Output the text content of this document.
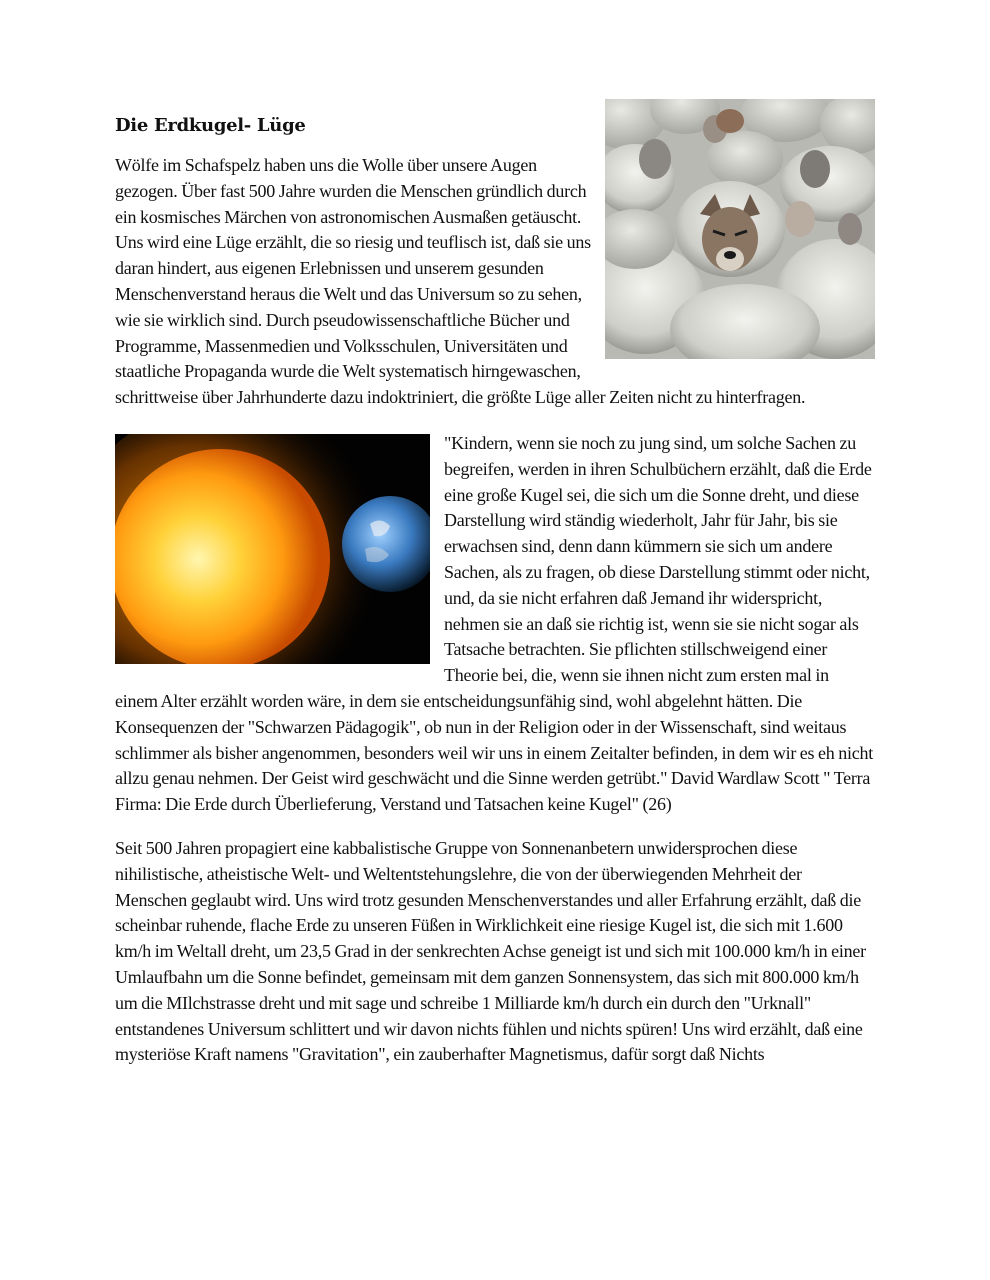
Die Erdkugel- Lüge

Wölfe im Schafspelz haben uns die Wolle über unsere Augen gezogen. Über fast 500 Jahre wurden die Menschen gründlich durch ein kosmisches Märchen von astronomischen Ausmaßen getäuscht. Uns wird eine Lüge erzählt, die so riesig und teuflisch ist, daß sie uns daran hindert, aus eigenen Erlebnissen und unserem gesunden Menschenverstand heraus die Welt und das Universum so zu sehen, wie sie wirklich sind. Durch pseudowissenschaftliche Bücher und Programme, Massenmedien und Volksschulen, Universitäten und staatliche Propaganda wurde die Welt systematisch hirngewaschen, schrittweise über Jahrhunderte dazu indoktriniert, die größte Lüge aller Zeiten nicht zu hinterfragen.

"Kindern, wenn sie noch zu jung sind, um solche Sachen zu begreifen, werden in ihren Schulbüchern erzählt, daß die Erde eine große Kugel sei, die sich um die Sonne dreht, und diese Darstellung wird ständig wiederholt, Jahr für Jahr, bis sie erwachsen sind, denn dann kümmern sie sich um andere Sachen, als zu fragen, ob diese Darstellung stimmt oder nicht, und, da sie nicht erfahren daß Jemand ihr widerspricht, nehmen sie an daß sie richtig ist, wenn sie sie nicht sogar als Tatsache betrachten. Sie pflichten stillschweigend einer Theorie bei, die, wenn sie ihnen nicht zum ersten mal in einem Alter erzählt worden wäre, in dem sie entscheidungsunfähig sind, wohl abgelehnt hätten. Die Konsequenzen der "Schwarzen Pädagogik", ob nun in der Religion oder in der Wissenschaft, sind weitaus schlimmer als bisher angenommen, besonders weil wir uns in einem Zeitalter befinden, in dem wir es eh nicht allzu genau nehmen. Der Geist wird geschwächt und die Sinne werden getrübt." David Wardlaw Scott " Terra Firma: Die Erde durch Überlieferung, Verstand und Tatsachen keine Kugel" (26)

Seit 500 Jahren propagiert eine kabbalistische Gruppe von Sonnenanbetern unwidersprochen diese nihilistische, atheistische Welt- und Weltentstehungslehre, die von der überwiegenden Mehrheit der Menschen geglaubt wird. Uns wird trotz gesunden Menschenverstandes und aller Erfahrung erzählt, daß die scheinbar ruhende, flache Erde zu unseren Füßen in Wirklichkeit eine riesige Kugel ist, die sich mit 1.600 km/h im Weltall dreht, um 23,5 Grad in der senkrechten Achse geneigt ist und sich mit 100.000 km/h in einer Umlaufbahn um die Sonne befindet, gemeinsam mit dem ganzen Sonnensystem, das sich mit 800.000 km/h um die MIlchstrasse dreht und mit sage und schreibe 1 Milliarde km/h durch ein durch den "Urknall" entstandenes Universum schlittert und wir davon nichts fühlen und nichts spüren! Uns wird erzählt, daß eine mysteriöse Kraft namens "Gravitation", ein zauberhafter Magnetismus, dafür sorgt daß Nichts
